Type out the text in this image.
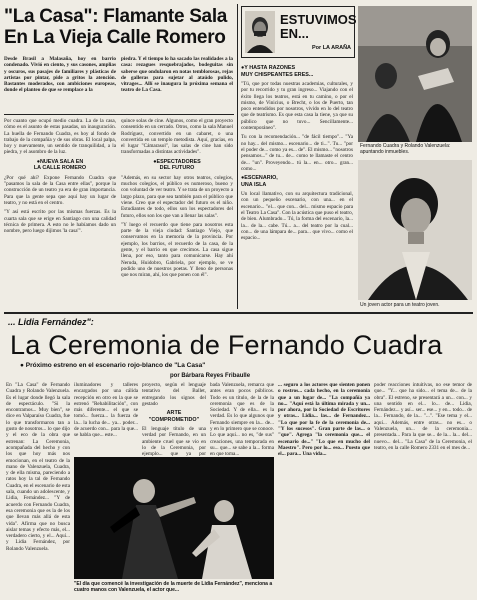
"La Casa": Flamante Sala
En La Vieja Calle Romero
Desde Brasil a Malasaña, hoy en barrio condenado. Vivió en ciento, y sus casones, amplias y oscuros, sus pasajes de familiares y plásticas de artistas por pintar, pide a gritos la atención. Bastantes moderados, con ambiciones europeas, donde el planteo de que se remplace a la
piedra. Y el tiempo lo ha sacado las realidades a la casa: rezagues resquebrajados, bodeguitas sin saberse que ondularon en notas temblorosas, rejas de galleras para sujetar al ataúdo pulido, vitrages... Allí se inaugura la próxima semana el teatro de La Casa.
Por cuanto que ocupó medio cuadra. La de la casa, cómo es el asunto de estas pasadas, un inauguración. La huella de Fernando Cuadra, es hoy al fondo de trabajo de la compañía y de sus obras. El local palpa, hoy y nuevamente, un sentido de tranquilidad, a la piedra, y el asombro de la luz.
●NUEVA SALA EN
LA CALLE ROMERO
¿Por qué ahí? Expone Fernando Cuadra que "pasamos la sala de la Casa entre ellas", porque la construcción de un teatro ya era de gran importancia. Para que la gente sepa que aquí hay un lugar de teatro, y no está en el centro.
"Y así está escrito por las mismas fuerzas. Es la cuarta sala que se erige en Santiago con una calidad técnica de primera. A esto no le habíamos dado un nombre, pero luego dijimos 'la casa'".
quince solas de cine. Algunos, como el gran proyecto consentido en un cerrado. Otros, como la sala Manuel Rodríguez, convertido en un cabaret, o una convertida en un templo metodista. Aquí, gracias, en el lugar "Cámarasol", las salas de cine han sido transformadas a distintas actividades".
●ESPECTADORES
DEL FUTURO
"Además, en su sector hay otros teatros, colegios, muchos colegios, el público es numeroso, bueno y con voluntad de ver teatro. Y se trata de un proyecto a largo plazo, para que sea también para el público que viene. Creo que el espectador del futuro es el niño. Estudiantes de todo, ellos son los espectadores del futuro, ellos son los que van a llenar las salas".
"Y luego el recuerdo que tiene para nosotros esta parte de la vieja ciudad: Santiago Viejo, que conservamos en la memoria de la provincia. Por ejemplo, los barrios, el recuerdo de la casa, de la gente, y el barrio en que crecimos. La casa sigue llena, por eso, tanto para comunicarse. Hay ahí Neruda, Huidobro, Gabriela, por ejemplo, se ve podido uno de nuestros poetas. Y lleno de personas que nos miran, ahí, los que ponen con él".
ESTUVIMOS
EN...
Por LA ARAÑA
●Y HASTA RAZONES
MUY CHISPEANTES ERES...
"Tú, que por todas nuestras academias, culturales, y por tu recorrido y tu gran ingreso... Viajando con el éxito llega los teatros, está en tu camino, o por el mismo, de Vinicius, o Brecht, o los de Puerto, tan poco entendidos por nosotros, vivido en lo del teatro que de teatrismo. Es que esta casa la tiene, ya que su público que no tuvo... Sencillamente... contemporáneo".
Tu con la recomendación... "de fácil tiempo"... "Ya no hay... del mismo... escenario... de ti...". Tu... "por el poder de... como ya es... de". El mismo... "nosotros pensamos..." de tu... de... como te llamaste el centro de... "un". Proveyendo... tú la... en... otro... gran... como...
●ESCENARIO,
UNA ISLA
Un local llamativo, con su arquitectura tradicional, con un pequeño escenario, con una... en el escenario... "el... que con... del... mismo espacio para el Teatro La Casa". Con la acústica que puso el teatro, de bien. Alumbrado... Tú, la forma del escenario, la... la... de la... cabe. Tú... a... del teatro por la cual... con... de una lámpara de... para... que vivo... como el espacio...
Fernando Cuadra y Rolando Valenzuela: apuntando inmuebles.
Un joven actor para un teatro joven.
... Lidia Fernández":
La Ceremonia de Fernando Cuadra
● Próximo estreno en el escenario rojo-blanco de "La Casa"
por Bárbara Reyes Fribaulle
En "La Casa" de Fernando Cuadra y Rolando Valenzuela. Es el lugar donde llegó la sala de espectáculo. "Si la encontramos... Muy bien", se dice en Valparaíso Cuadra, fue lo que transformaron tan a gusto de nosotros... lo que dijo y el eco de la obra que estrenan: La Ceremonia, acompañada del hecho y con los que hoy más nos emocionan, en el teatro de la mano de Valenzuela, Cuadra, y de ella misma, pareciendo a ratos hoy la tal de Fernando Cuadra, en el escenario de esta sala, cuando un adolescente, y Lidia, Fernández... "Y de acuerdo con Fernando Cuadra, esa ceremonia que es la de los que llevan más allá de esta vida". Afirma que no busca aislar temas y efecto más, el... verdadero cierto, y el... Aquí... y Lidia Fernández, por Rolando Valenzuela.
iluminadores y talleres encargados por una cálida recepción en otro en la que se estrenó "Rehabilitación", con más diferente... el que se tomó... fuerza... la fuerza de la... la lucha de... ya... poder... de acuerdo con... para la que... se habla que... este...
proyecto, según el lenguaje tentativo del Ballet, entregando los signos del gestado
ARTE
"COMPROMETIDO"
El lenguaje título de una verdad por Fernando, en un ambiente cruel que se vio en lo de la Ceremonia, por ejemplo... que ya por
bada Valenzuela, remarca que antes eran pocos públicos. Todo es un título, de la de la ceremonia que es de la Sociedad. Y de ella... es la verdad. Es lo que algunos que Fernando siempre en la... de... y en lo primero que se conoce. Lo que aquí... no es, "de sus" creaciones, una temporada en su... que... se sabe a la... forma en que toma...
... seguro a los actores que sienten ponen o rostros... cada hecho, en la ceremonia que a un lugar de... "La compañía ya no... "Aquí está la última mirada y un... por ahora, por la Sociedad de Escritores y otras... Lidia... las... de Fernandez... "Lo que por la fe de la ceremonia de... "Y los sucesos". Gran parte de las... o "que". Agrega "la ceremonia que... el escenario de..." "Lo que en mucho del Maestro". Pero por lo... eso... Puesto que el... para... Una vida...
poder reacciones intuitivas, no ese temor de que... "Y... que ha sido... el tema de... de la obra". El estreno, se presentará a un... con... y una sentido en el... lo... de... Lidia, Fernández... y así... ser... ese... y en... todo... de la... Fernando, de la... "...". "Ese tema y el... aquí... Además, entre otras... no es... o Valenzuela, un... de la ceremonia... presentada... Para la que se... de la... la... del... nuevo... del... "La Casa" de la Ceremonia, el teatro, en la calle Romero 2331 en el mes de...
"El día que comencé la investigación de la muerte de Lidia Fernández", menciona a cuatro manos con Valenzuela, el actor que...
